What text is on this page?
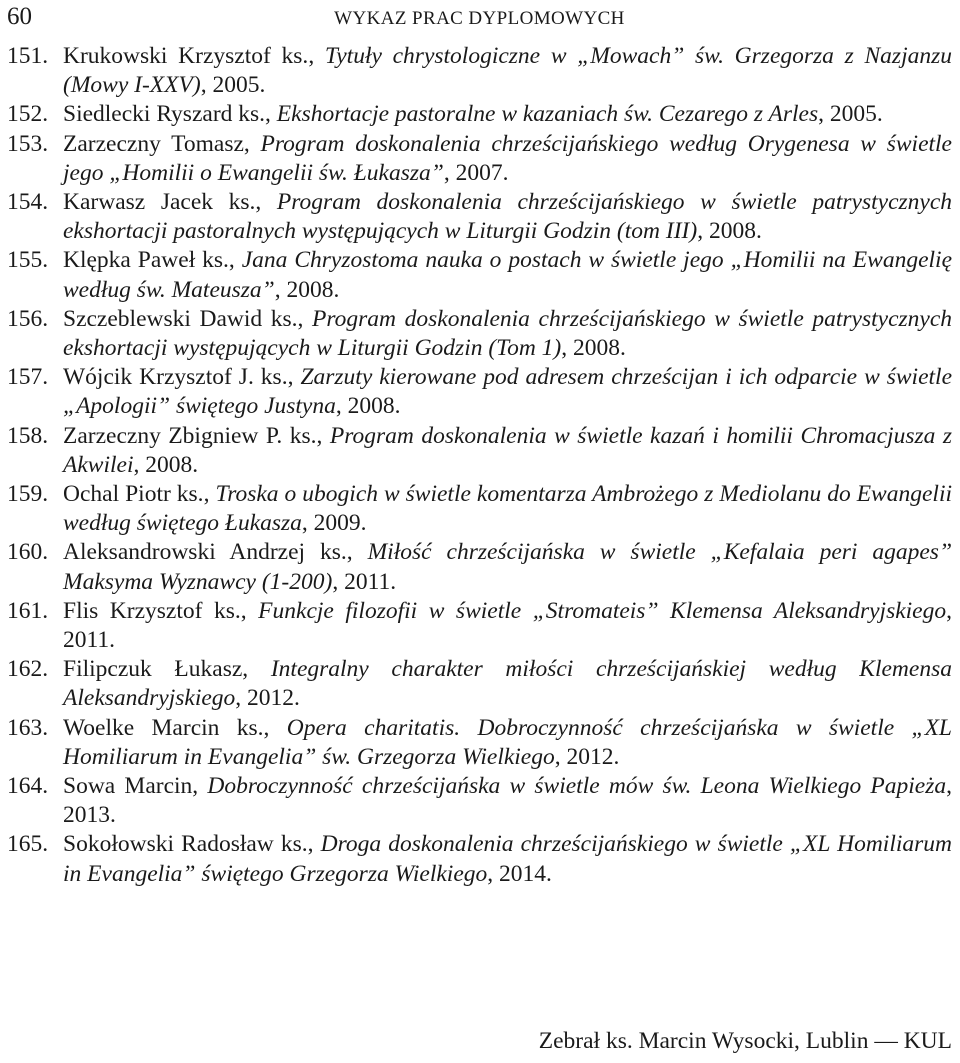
60	WYKAZ PRAC DYPLOMOWYCH
151. Krukowski Krzysztof ks., Tytuły chrystologiczne w „Mowach” św. Grzegorza z Nazjanzu (Mowy I-XXV), 2005.
152. Siedlecki Ryszard ks., Ekshortacje pastoralne w kazaniach św. Cezarego z Arles, 2005.
153. Zarzeczny Tomasz, Program doskonalenia chrześcijańskiego według Orygenesa w świetle jego „Homilii o Ewangelii św. Łukasza”, 2007.
154. Karwasz Jacek ks., Program doskonalenia chrześcijańskiego w świetle patrystycznych ekshortacji pastoralnych występujących w Liturgii Godzin (tom III), 2008.
155. Klępka Paweł ks., Jana Chryzostoma nauka o postach w świetle jego „Homilii na Ewangelię według św. Mateusza”, 2008.
156. Szczeblewski Dawid ks., Program doskonalenia chrześcijańskiego w świetle patrystycznych ekshortacji występujących w Liturgii Godzin (Tom 1), 2008.
157. Wójcik Krzysztof J. ks., Zarzuty kierowane pod adresem chrześcijan i ich odparcie w świetle „Apologii” świętego Justyna, 2008.
158. Zarzeczny Zbigniew P. ks., Program doskonalenia w świetle kazań i homilii Chromacjusza z Akwilei, 2008.
159. Ochal Piotr ks., Troska o ubogich w świetle komentarza Ambrożego z Mediolanu do Ewangelii według świętego Łukasza, 2009.
160. Aleksandrowski Andrzej ks., Miłość chrześcijańska w świetle „Kefalaia peri agapes” Maksyma Wyznawcy (1-200), 2011.
161. Flis Krzysztof ks., Funkcje filozofii w świetle „Stromateis” Klemensa Aleksandryjskiego, 2011.
162. Filipczuk Łukasz, Integralny charakter miłości chrześcijańskiej według Klemensa Aleksandryjskiego, 2012.
163. Woelke Marcin ks., Opera charitatis. Dobroczynność chrześcijańska w świetle „XL Homiliarum in Evangelia” św. Grzegorza Wielkiego, 2012.
164. Sowa Marcin, Dobroczynność chrześcijańska w świetle mów św. Leona Wielkiego Papieża, 2013.
165. Sokołowski Radosław ks., Droga doskonalenia chrześcijańskiego w świetle „XL Homiliarum in Evangelia” świętego Grzegorza Wielkiego, 2014.
Zebrał ks. Marcin Wysocki, Lublin — KUL
